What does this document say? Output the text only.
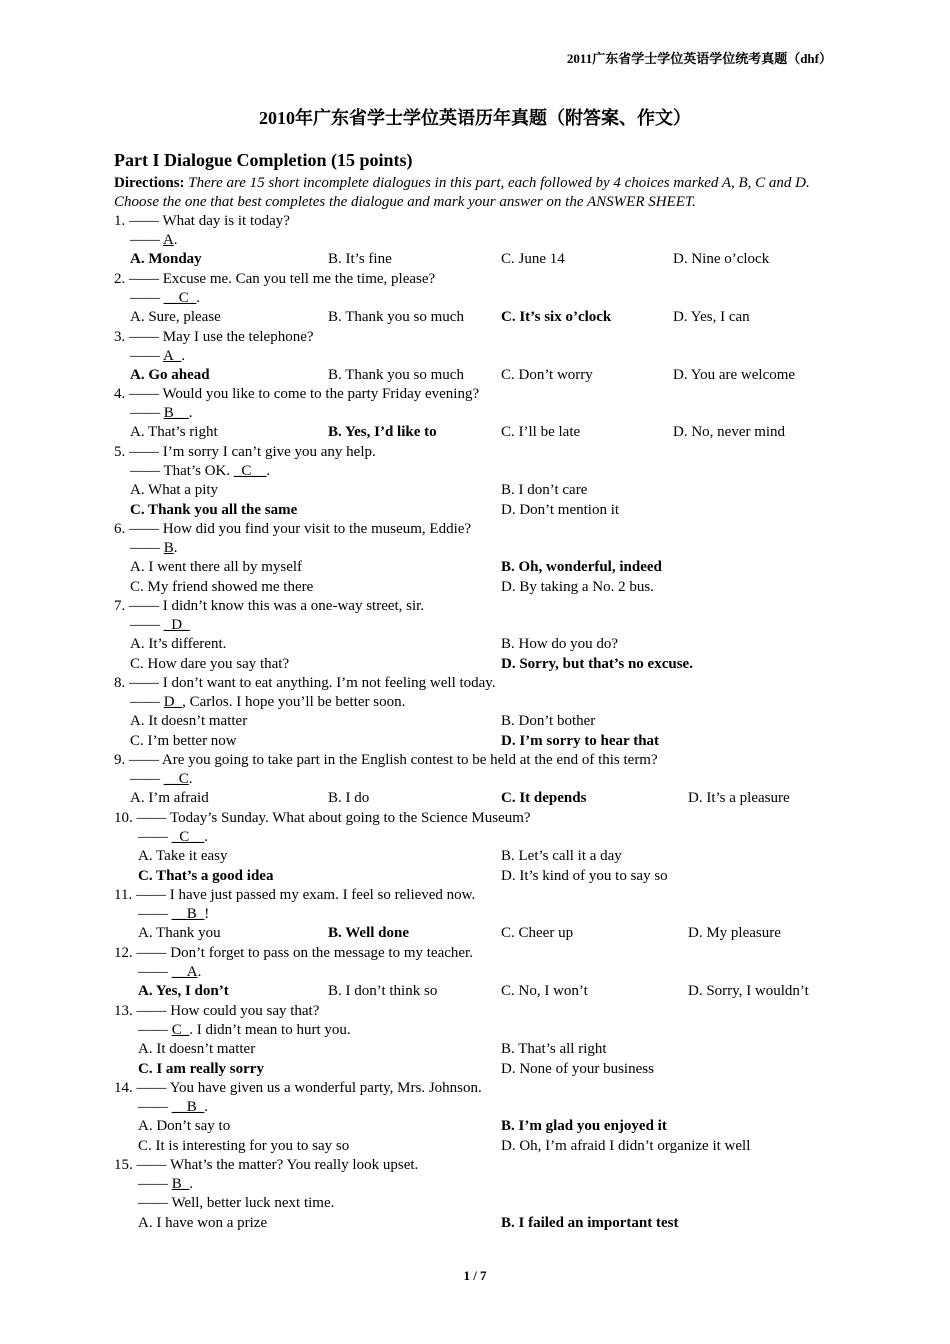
2011广东省学士学位英语学位统考真题（dhf）
2010年广东省学士学位英语历年真题（附答案、作文）
Part I Dialogue Completion (15 points)
Directions: There are 15 short incomplete dialogues in this part, each followed by 4 choices marked A, B, C and D. Choose the one that best completes the dialogue and mark your answer on the ANSWER SHEET.
1. —— What day is it today?
—— A.
A. Monday	B. It’s fine	C. June 14	D. Nine o’clock
2. —— Excuse me. Can you tell me the time, please?
—— __C_.
A. Sure, please	B. Thank you so much C. It’s six o’clock	D. Yes, I can
3. —— May I use the telephone?
—— A_.
A. Go ahead	B. Thank you so much C. Don’t worry	D. You are welcome
4. —— Would you like to come to the party Friday evening?
—— B__.
A. That’s right	B. Yes, I’d like to	C. I’ll be late	D. No, never mind
5. —— I’m sorry I can’t give you any help.
—— That’s OK. _C__.
A. What a pity	B. I don’t care
C. Thank you all the same	D. Don’t mention it
6. —— How did you find your visit to the museum, Eddie?
—— B.
A. I went there all by myself	B. Oh, wonderful, indeed
C. My friend showed me there	D. By taking a No. 2 bus.
7. —— I didn’t know this was a one-way street, sir.
—— _D_
A. It’s different.	B. How do you do?
C. How dare you say that?	D. Sorry, but that’s no excuse.
8. —— I don’t want to eat anything. I’m not feeling well today.
—— D_, Carlos. I hope you’ll be better soon.
A. It doesn’t matter	B. Don’t bother
C. I’m better now	D. I’m sorry to hear that
9. —— Are you going to take part in the English contest to be held at the end of this term?
—— __C.
A. I’m afraid	B. I do	C. It depends	D. It’s a pleasure
10. —— Today’s Sunday. What about going to the Science Museum?
—— _C__.
A. Take it easy	B. Let’s call it a day
C. That’s a good idea	D. It’s kind of you to say so
11. —— I have just passed my exam. I feel so relieved now.
—— __B_!
A. Thank you	B. Well done	C. Cheer up	D. My pleasure
12. —— Don’t forget to pass on the message to my teacher.
—— __A.
A. Yes, I don’t	B. I don’t think so	C. No, I won’t	D. Sorry, I wouldn’t
13. —— How could you say that?
—— C_. I didn’t mean to hurt you.
A. It doesn’t matter	B. That’s all right
C. I am really sorry	D. None of your business
14. —— You have given us a wonderful party, Mrs. Johnson.
—— __B_.
A. Don’t say to	B. I’m glad you enjoyed it
C. It is interesting for you to say so	D. Oh, I’m afraid I didn’t organize it well
15. —— What’s the matter? You really look upset.
—— B_.
—— Well, better luck next time.
A. I have won a prize	B. I failed an important test
1 / 7
